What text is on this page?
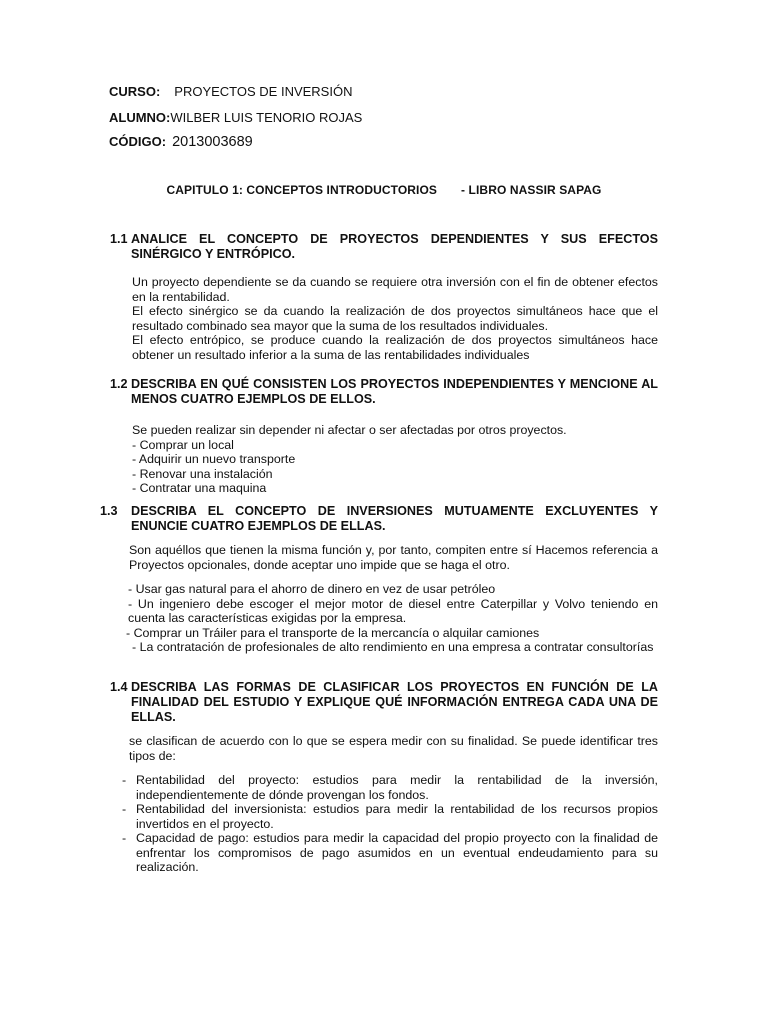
CURSO: PROYECTOS DE INVERSIÓN
ALUMNO:WILBER LUIS TENORIO ROJAS
CÓDIGO: 2013003689
CAPITULO 1: CONCEPTOS INTRODUCTORIOS - LIBRO NASSIR SAPAG
1.1 ANALICE EL CONCEPTO DE PROYECTOS DEPENDIENTES Y SUS EFECTOS SINÉRGICO Y ENTRÓPICO.

Un proyecto dependiente se da cuando se requiere otra inversión con el fin de obtener efectos en la rentabilidad.

El efecto sinérgico se da cuando la realización de dos proyectos simultáneos hace que el resultado combinado sea mayor que la suma de los resultados individuales.

El efecto entrópico, se produce cuando la realización de dos proyectos simultáneos hace obtener un resultado inferior a la suma de las rentabilidades individuales

1.2 DESCRIBA EN QUÉ CONSISTEN LOS PROYECTOS INDEPENDIENTES Y MENCIONE AL MENOS CUATRO EJEMPLOS DE ELLOS.
Se pueden realizar sin depender ni afectar o ser afectadas por otros proyectos.
- Comprar un local
- Adquirir un nuevo transporte
- Renovar una instalación
- Contratar una maquina
1.3 DESCRIBA EL CONCEPTO DE INVERSIONES MUTUAMENTE EXCLUYENTES Y ENUNCIE CUATRO EJEMPLOS DE ELLAS.

Son aquéllos que tienen la misma función y, por tanto, compiten entre sí Hacemos referencia a Proyectos opcionales, donde aceptar uno impide que se haga el otro.

- Usar gas natural para el ahorro de dinero en vez de usar petróleo
- Un ingeniero debe escoger el mejor motor de diesel entre Caterpillar y Volvo teniendo en cuenta las características exigidas por la empresa.
- Comprar un Tráiler para el transporte de la mercancía o alquilar camiones
- La contratación de profesionales de alto rendimiento en una empresa a contratar consultorías
1.4 DESCRIBA LAS FORMAS DE CLASIFICAR LOS PROYECTOS EN FUNCIÓN DE LA FINALIDAD DEL ESTUDIO Y EXPLIQUE QUÉ INFORMACIÓN ENTREGA CADA UNA DE ELLAS.

se clasifican de acuerdo con lo que se espera medir con su finalidad. Se puede identificar tres tipos de:

- Rentabilidad del proyecto: estudios para medir la rentabilidad de la inversión, independientemente de dónde provengan los fondos.
- Rentabilidad del inversionista: estudios para medir la rentabilidad de los recursos propios invertidos en el proyecto.
- Capacidad de pago: estudios para medir la capacidad del propio proyecto con la finalidad de enfrentar los compromisos de pago asumidos en un eventual endeudamiento para su realización.
